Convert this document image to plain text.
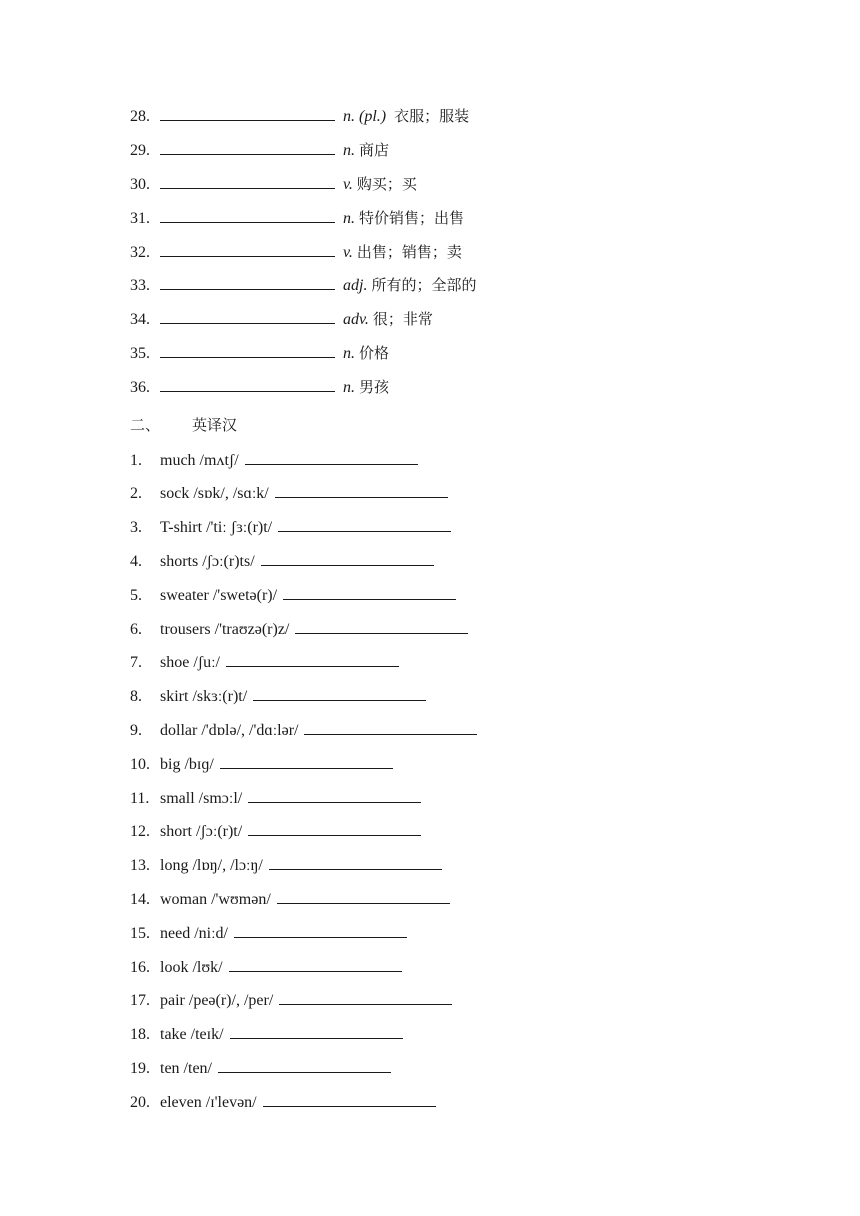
28.	n. (pl.) 衣服；服装
29.	n. 商店
30.	v. 购买；买
31.	n. 特价销售；出售
32.	v. 出售；销售；卖
33.	adj. 所有的；全部的
34.	adv. 很；非常
35.	n. 价格
36.	n. 男孩
二、 英译汉
1.	much /mʌtʃ/
2.	sock /sɒk/, /sɑːk/
3.	T-shirt /'tiː ʃɜː(r)t/
4.	shorts /ʃɔː(r)ts/
5.	sweater /'swetə(r)/
6.	trousers /'traʊzə(r)z/
7.	shoe /ʃuː/
8.	skirt /skɜː(r)t/
9.	dollar /'dɒlə/, /'dɑːlər/
10. big /bɪɡ/
11. small /smɔːl/
12. short /ʃɔː(r)t/
13. long /lɒŋ/, /lɔːŋ/
14. woman /'wʊmən/
15. need /niːd/
16. look /lʊk/
17. pair /peə(r)/, /per/
18. take /teɪk/
19. ten /ten/
20. eleven /ɪ'levən/
